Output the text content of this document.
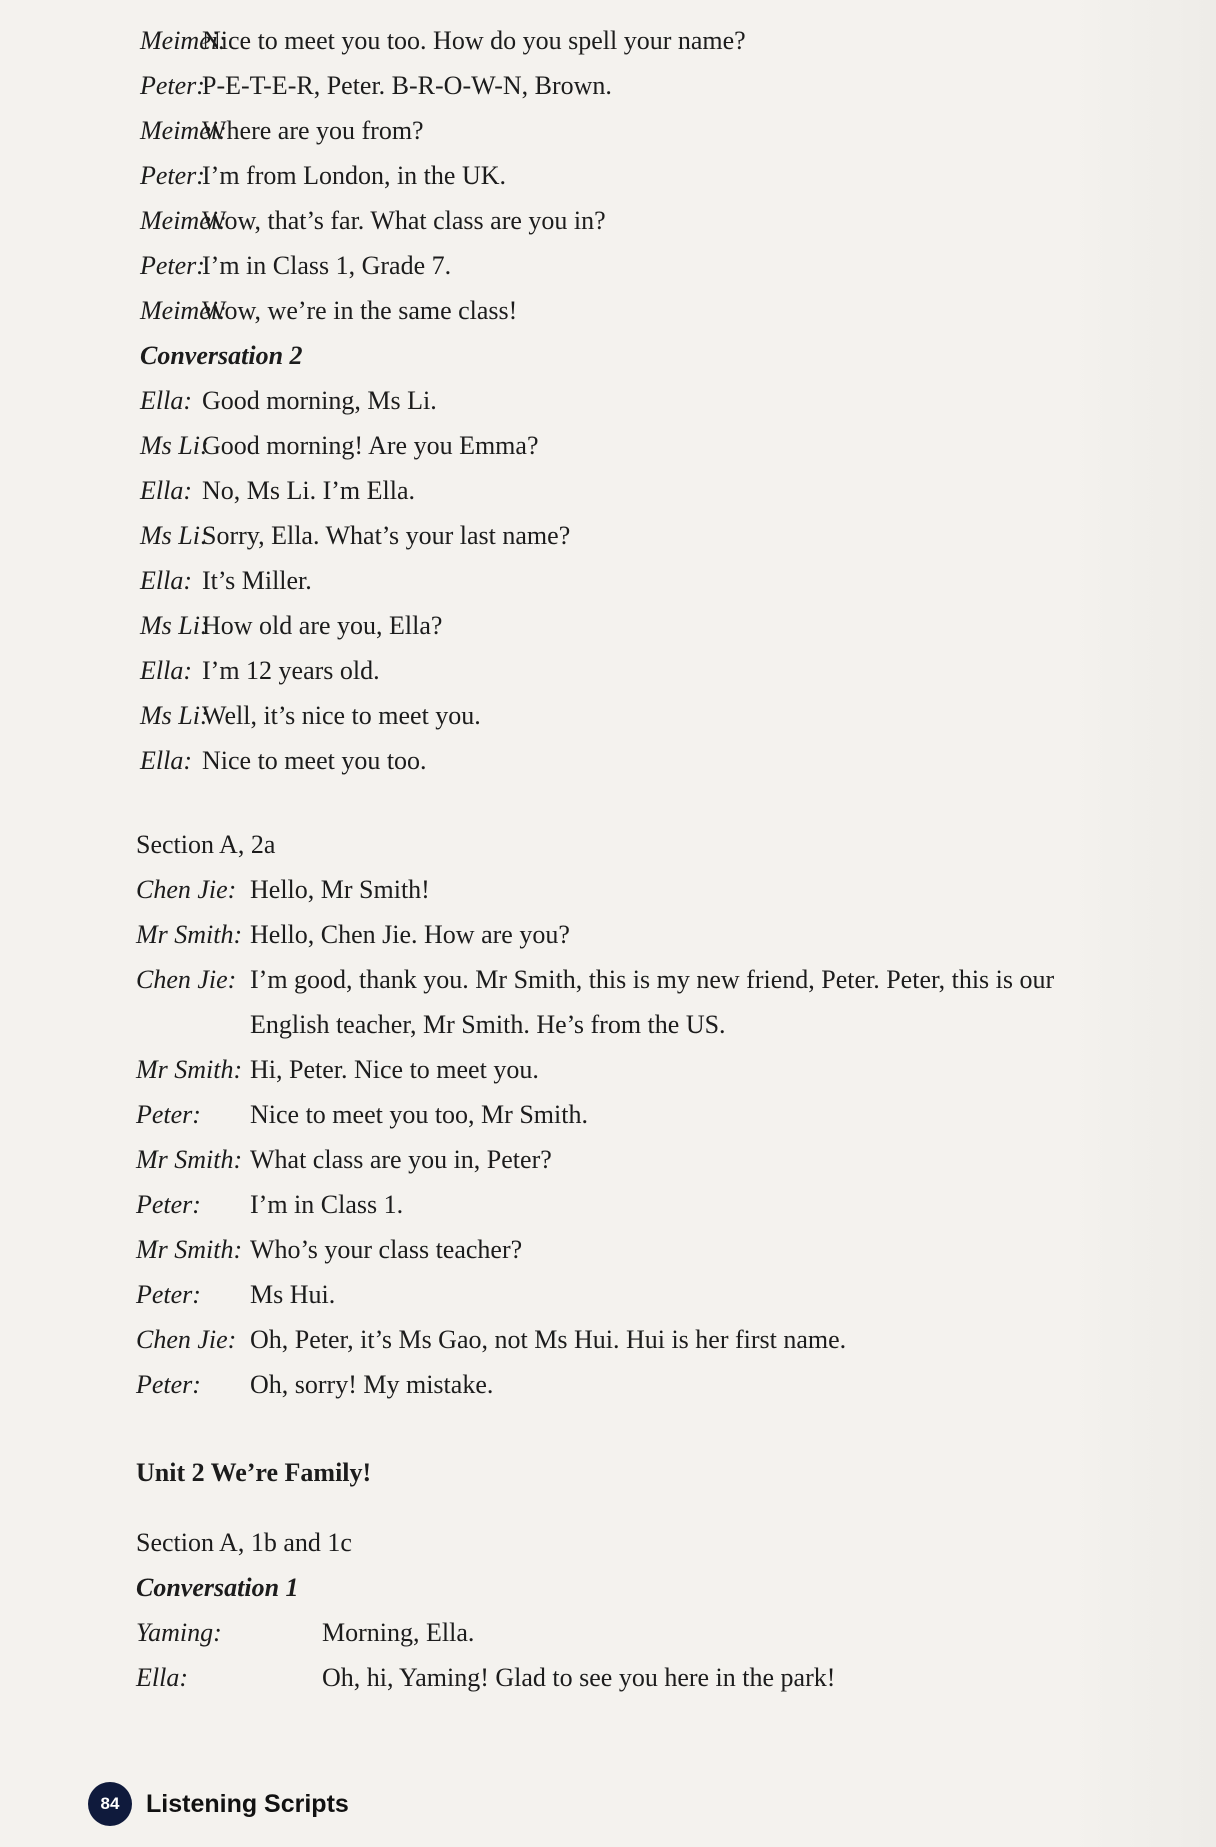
Meimei:
Nice to meet you too. How do you spell your name?
Peter:
P-E-T-E-R, Peter. B-R-O-W-N, Brown.
Meimei:
Where are you from?
Peter:
I’m from London, in the UK.
Meimei:
Wow, that’s far. What class are you in?
Peter:
I’m in Class 1, Grade 7.
Meimei:
Wow, we’re in the same class!
Conversation 2
Ella: Good morning, Ms Li.
Ms Li:
Good morning! Are you Emma?
Ella: No, Ms Li. I’m Ella.
Ms Li:
Sorry, Ella. What’s your last name?
Ella: It’s Miller.
Ms Li:
How old are you, Ella?
Ella: I’m 12 years old.
Ms Li:
Well, it’s nice to meet you.
Ella: Nice to meet you too.
Section A, 2a
Chen Jie: Hello, Mr Smith!
Mr Smith: Hello, Chen Jie. How are you?
Chen Jie: I’m good, thank you. Mr Smith, this is my new friend, Peter. Peter, this is our English teacher, Mr Smith. He’s from the US.
Mr Smith: Hi, Peter. Nice to meet you.
Peter: Nice to meet you too, Mr Smith.
Mr Smith: What class are you in, Peter?
Peter: I’m in Class 1.
Mr Smith: Who’s your class teacher?
Peter: Ms Hui.
Chen Jie: Oh, Peter, it’s Ms Gao, not Ms Hui. Hui is her first name.
Peter: Oh, sorry! My mistake.
Unit 2 We’re Family!
Section A, 1b and 1c
Conversation 1
Yaming:	Morning, Ella.
Ella:	Oh, hi, Yaming! Glad to see you here in the park!
84	Listening Scripts
